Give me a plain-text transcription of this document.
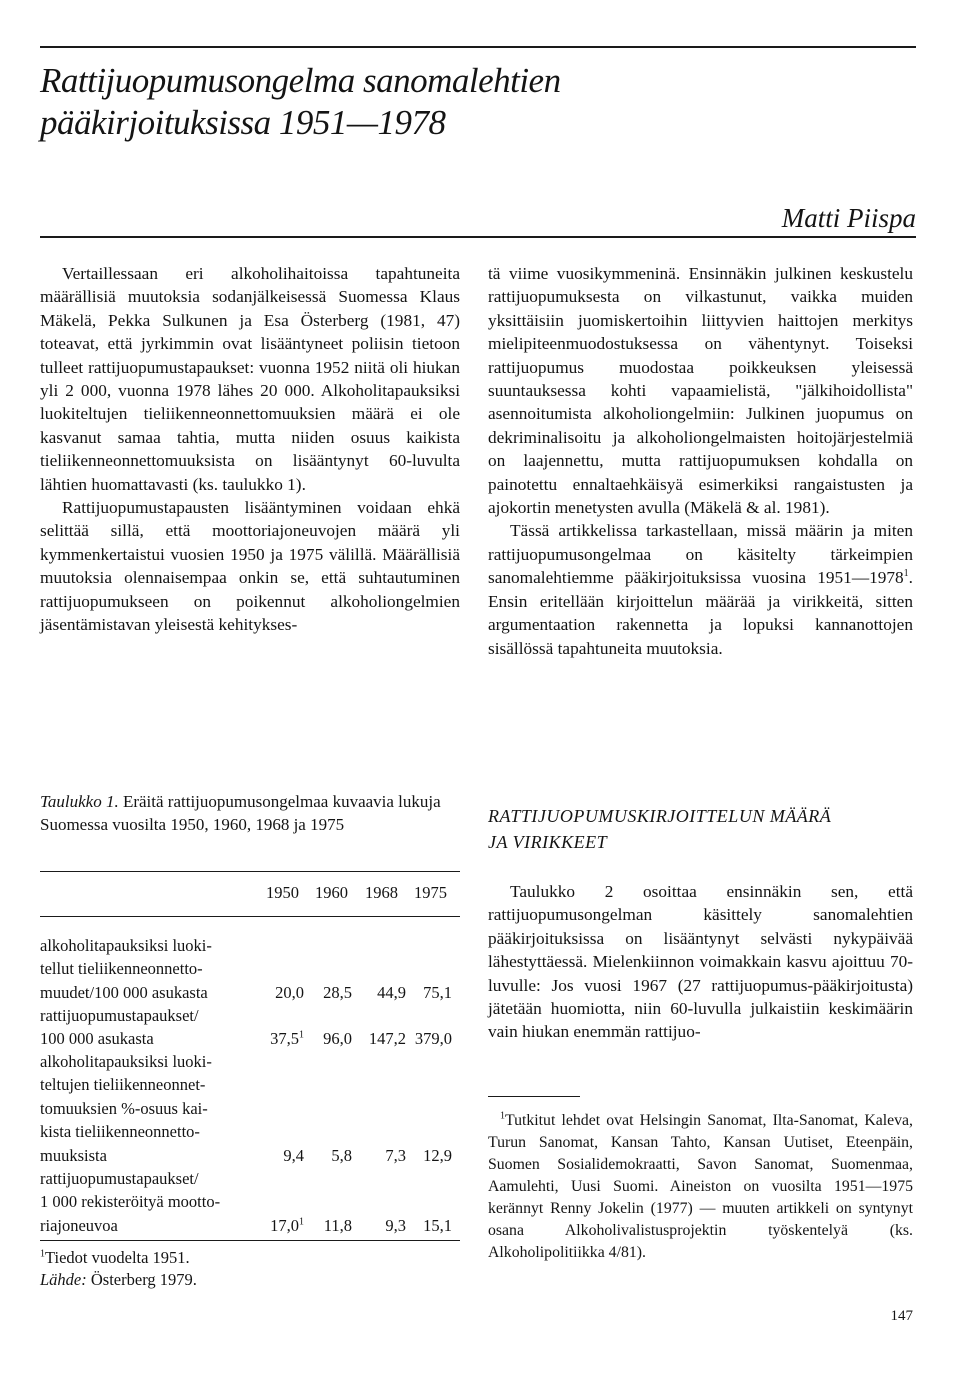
Rattijuopumusongelma sanomalehtien
pääkirjoituksissa 1951—1978
Matti Piispa

Vertaillessaan eri alkoholihaitoissa tapahtuneita määrällisiä muutoksia sodanjälkeisessä Suomessa Klaus Mäkelä, Pekka Sulkunen ja Esa Österberg (1981, 47) toteavat, että jyrkimmin ovat lisääntyneet poliisin tietoon tulleet rattijuopumustapaukset: vuonna 1952 niitä oli hiukan yli 2 000, vuonna 1978 lähes 20 000. Alkoholitapauksiksi luokiteltujen tieliikenneonnettomuuksien määrä ei ole kasvanut samaa tahtia, mutta niiden osuus kaikista tieliikenneonnettomuuksista on lisääntynyt 60-luvulta lähtien huomattavasti (ks. taulukko 1).

Rattijuopumustapausten lisääntyminen voidaan ehkä selittää sillä, että moottoriajoneuvojen määrä yli kymmenkertaistui vuosien 1950 ja 1975 välillä. Määrällisiä muutoksia olennaisempaa onkin se, että suhtautuminen rattijuopumukseen on poikennut alkoholiongelmien jäsentämistavan yleisestä kehitykses-

tä viime vuosikymmeninä. Ensinnäkin julkinen keskustelu rattijuopumuksesta on vilkastunut, vaikka muiden yksittäisiin juomiskertoihin liittyvien haittojen merkitys mielipiteenmuodostuksessa on vähentynyt. Toiseksi rattijuopumus muodostaa poikkeuksen yleisessä suuntauksessa kohti vapaamielistä, "jälkihoidollista" asennoitumista alkoholiongelmiin: Julkinen juopumus on dekriminalisoitu ja alkoholiongelmaisten hoitojärjestelmiä on laajennettu, mutta rattijuopumuksen kohdalla on painotettu ennaltaehkäisyä esimerkiksi rangaistusten ja ajokortin menetysten avulla (Mäkelä & al. 1981).

Tässä artikkelissa tarkastellaan, missä määrin ja miten rattijuopumusongelmaa on käsitelty tärkeimpien sanomalehtiemme pääkirjoituksissa vuosina 1951—1978$^1$. Ensin eritellään kirjoittelun määrää ja virikkeitä, sitten argumentaation rakennetta ja lopuksi kannanottojen sisällössä tapahtuneita muutoksia.

RATTIJUOPUMUSKIRJOITTELUN MÄÄRÄ
JA VIRIKKEET

Taulukko 2 osoittaa ensinnäkin sen, että rattijuopumusongelman käsittely sanomalehtien pääkirjoituksissa on lisääntynyt selvästi nykypäivää lähestyttäessä. Mielenkiinnon voimakkain kasvu ajoittuu 70-luvulle: Jos vuosi 1967 (27 rattijuopumus-pääkirjoitusta) jätetään huomiotta, niin 60-luvulla julkaistiin keskimäärin vain hiukan enemmän rattijuo-

$^1$Tutkitut lehdet ovat Helsingin Sanomat, Ilta-Sanomat, Kaleva, Turun Sanomat, Kansan Tahto, Kansan Uutiset, Eteenpäin, Suomen Sosialidemokraatti, Savon Sanomat, Suomenmaa, Aamulehti, Uusi Suomi. Aineiston on vuosilta 1951—1975 kerännyt Renny Jokelin (1977) — muuten artikkeli on syntynyt osana Alkoholivalistusprojektin työskentelyä (ks. Alkoholipolitiikka 4/81).

Taulukko 1. Eräitä rattijuopumusongelmaa kuvaavia lukuja Suomessa vuosilta 1950, 1960, 1968 ja 1975
1950 1960 1968 1975
alkoholitapauksiksi luoki-
tellut tieliikenneonnetto-
muudet/100 000 asukasta	20,0	28,5	44,9	75,1
rattijuopumustapaukset/
100 000 asukasta	37,5$^1$	96,0	147,2 379,0
alkoholitapauksiksi luoki-
teltujen tieliikenneonnet-
tomuuksien %-osuus kai-
kista tieliikenneonnetto-
muuksista	9,4	5,8	7,3	12,9
rattijuopumustapaukset/
1 000 rekisteröityä mootto-
riajoneuvoa	17,0$^1$	11,8	9,3	15,1
$^1$Tiedot vuodelta 1951.
Lähde: Österberg 1979.
147
